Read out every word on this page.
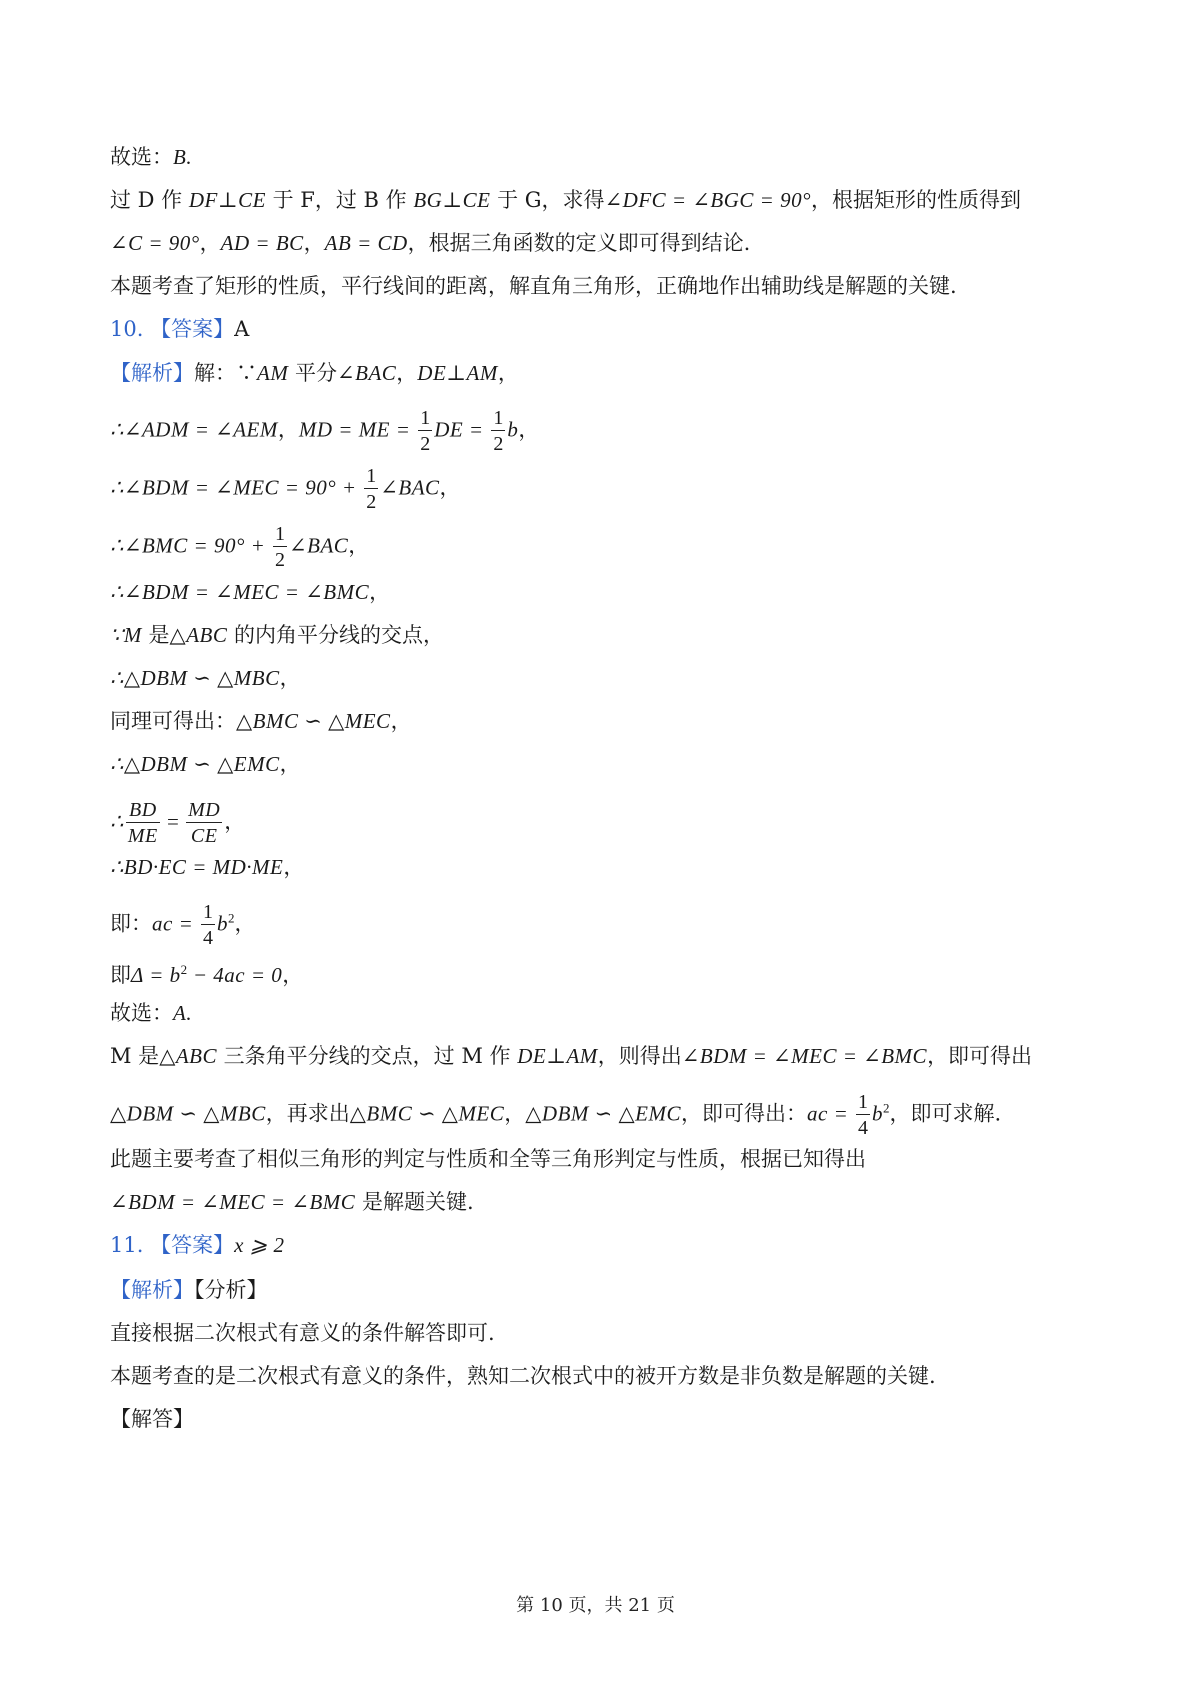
故选：B.
过 D 作 DF⊥CE 于 F，过 B 作 BG⊥CE 于 G，求得∠DFC = ∠BGC = 90°，根据矩形的性质得到
∠C = 90°，AD = BC，AB = CD，根据三角函数的定义即可得到结论.
本题考查了矩形的性质，平行线间的距离，解直角三角形，正确地作出辅助线是解题的关键.
10. 【答案】A
【解析】解：∵AM 平分∠BAC，DE⊥AM，
∴∠ADM = ∠AEM，MD = ME = $\frac{1}{2}$ DE = $\frac{1}{2}$ b，
∴∠BDM = ∠MEC = $90^\circ + \frac{1}{2}$ ∠BAC，
∴∠BMC = $90^\circ + \frac{1}{2}$ ∠BAC，
∴∠BDM = ∠MEC = ∠BMC，
∵M 是△ABC 的内角平分线的交点，
∴△DBM ∽ △MBC，
同理可得出：△BMC ∽ △MEC，
∴△DBM ∽ △EMC，
∴ $\frac{BD}{ME} = \frac{MD}{CE}$ ，
∴BD·EC = MD·ME，
即：ac = $\frac{1}{4} b^2$，
即$\Delta = b^2 - 4ac = 0$，
故选：A.
M 是△ABC 三条角平分线的交点，过 M 作 DE⊥AM，则得出∠BDM = ∠MEC = ∠BMC，即可得出
△DBM ∽ △MBC，再求出△BMC ∽ △MEC，△DBM ∽ △EMC，即可得出：ac = $\frac{1}{4} b^2$，即可求解.
此题主要考查了相似三角形的判定与性质和全等三角形判定与性质，根据已知得出
∠BDM = ∠MEC = ∠BMC 是解题关键.
11. 【答案】x ⩾ 2
【解析】【分析】
直接根据二次根式有意义的条件解答即可.
本题考查的是二次根式有意义的条件，熟知二次根式中的被开方数是非负数是解题的关键.
【解答】
第 10 页，共 21 页
